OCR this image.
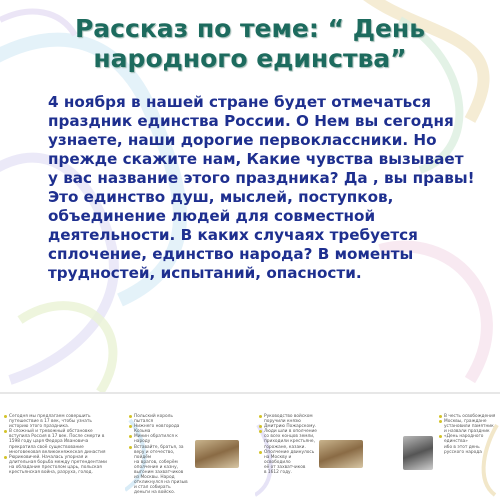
Рассказ по теме: “ День народного единства”

4 ноября в нашей стране будет отмечаться праздник единства России. О Нем вы сегодня узнаете, наши дорогие первоклассники. Но прежде скажите нам, Какие чувства вызывает у вас название этого праздника? Да , вы правы! Это единство душ, мыслей, поступков, объединение людей для совместной деятельности. В каких случаях требуется сплочение, единство народа? В моменты трудностей, испытаний, опасности.

Сегодня мы предлагаем совершить
путешествие в 17 век, чтобы узнать
историю этого праздника.
В сложный и тревожный обстановке
вступила Россия в 17 век. После смерти в
1598 году царя Федора Ивановича
прекратила своё существование
многовековая великокняжеская династия
Рюриковичей. Началась упорная и
длительная борьба между претендентами
на обладание престолом царь, польская
крестьянская война, разруха, голод.
Польский король пытался
Нижнего новгорода Козьма
Минин обратился к народу
Вставайте, братья, за
веру и отечество, пойдём
на врагов, соберём
ополчение и казну,
выгоним захватчиков
из Москвы. Народ
откликнулся на призыв
и стал собирать
деньги на войско.
Руководство войском
поручили князю
Дмитрию Пожарскому.
Люди шли в ополчение
со всех концов земли,
приходили крестьяне,
горожане, казаки.
Ополчение двинулось
на Москву и освободило
её от захватчиков
в 1612 году.
В честь освобождения
Москвы, граждане
установили памятник
и назвали праздник
«День народного
единства»
ибо в этот день
русского народа
